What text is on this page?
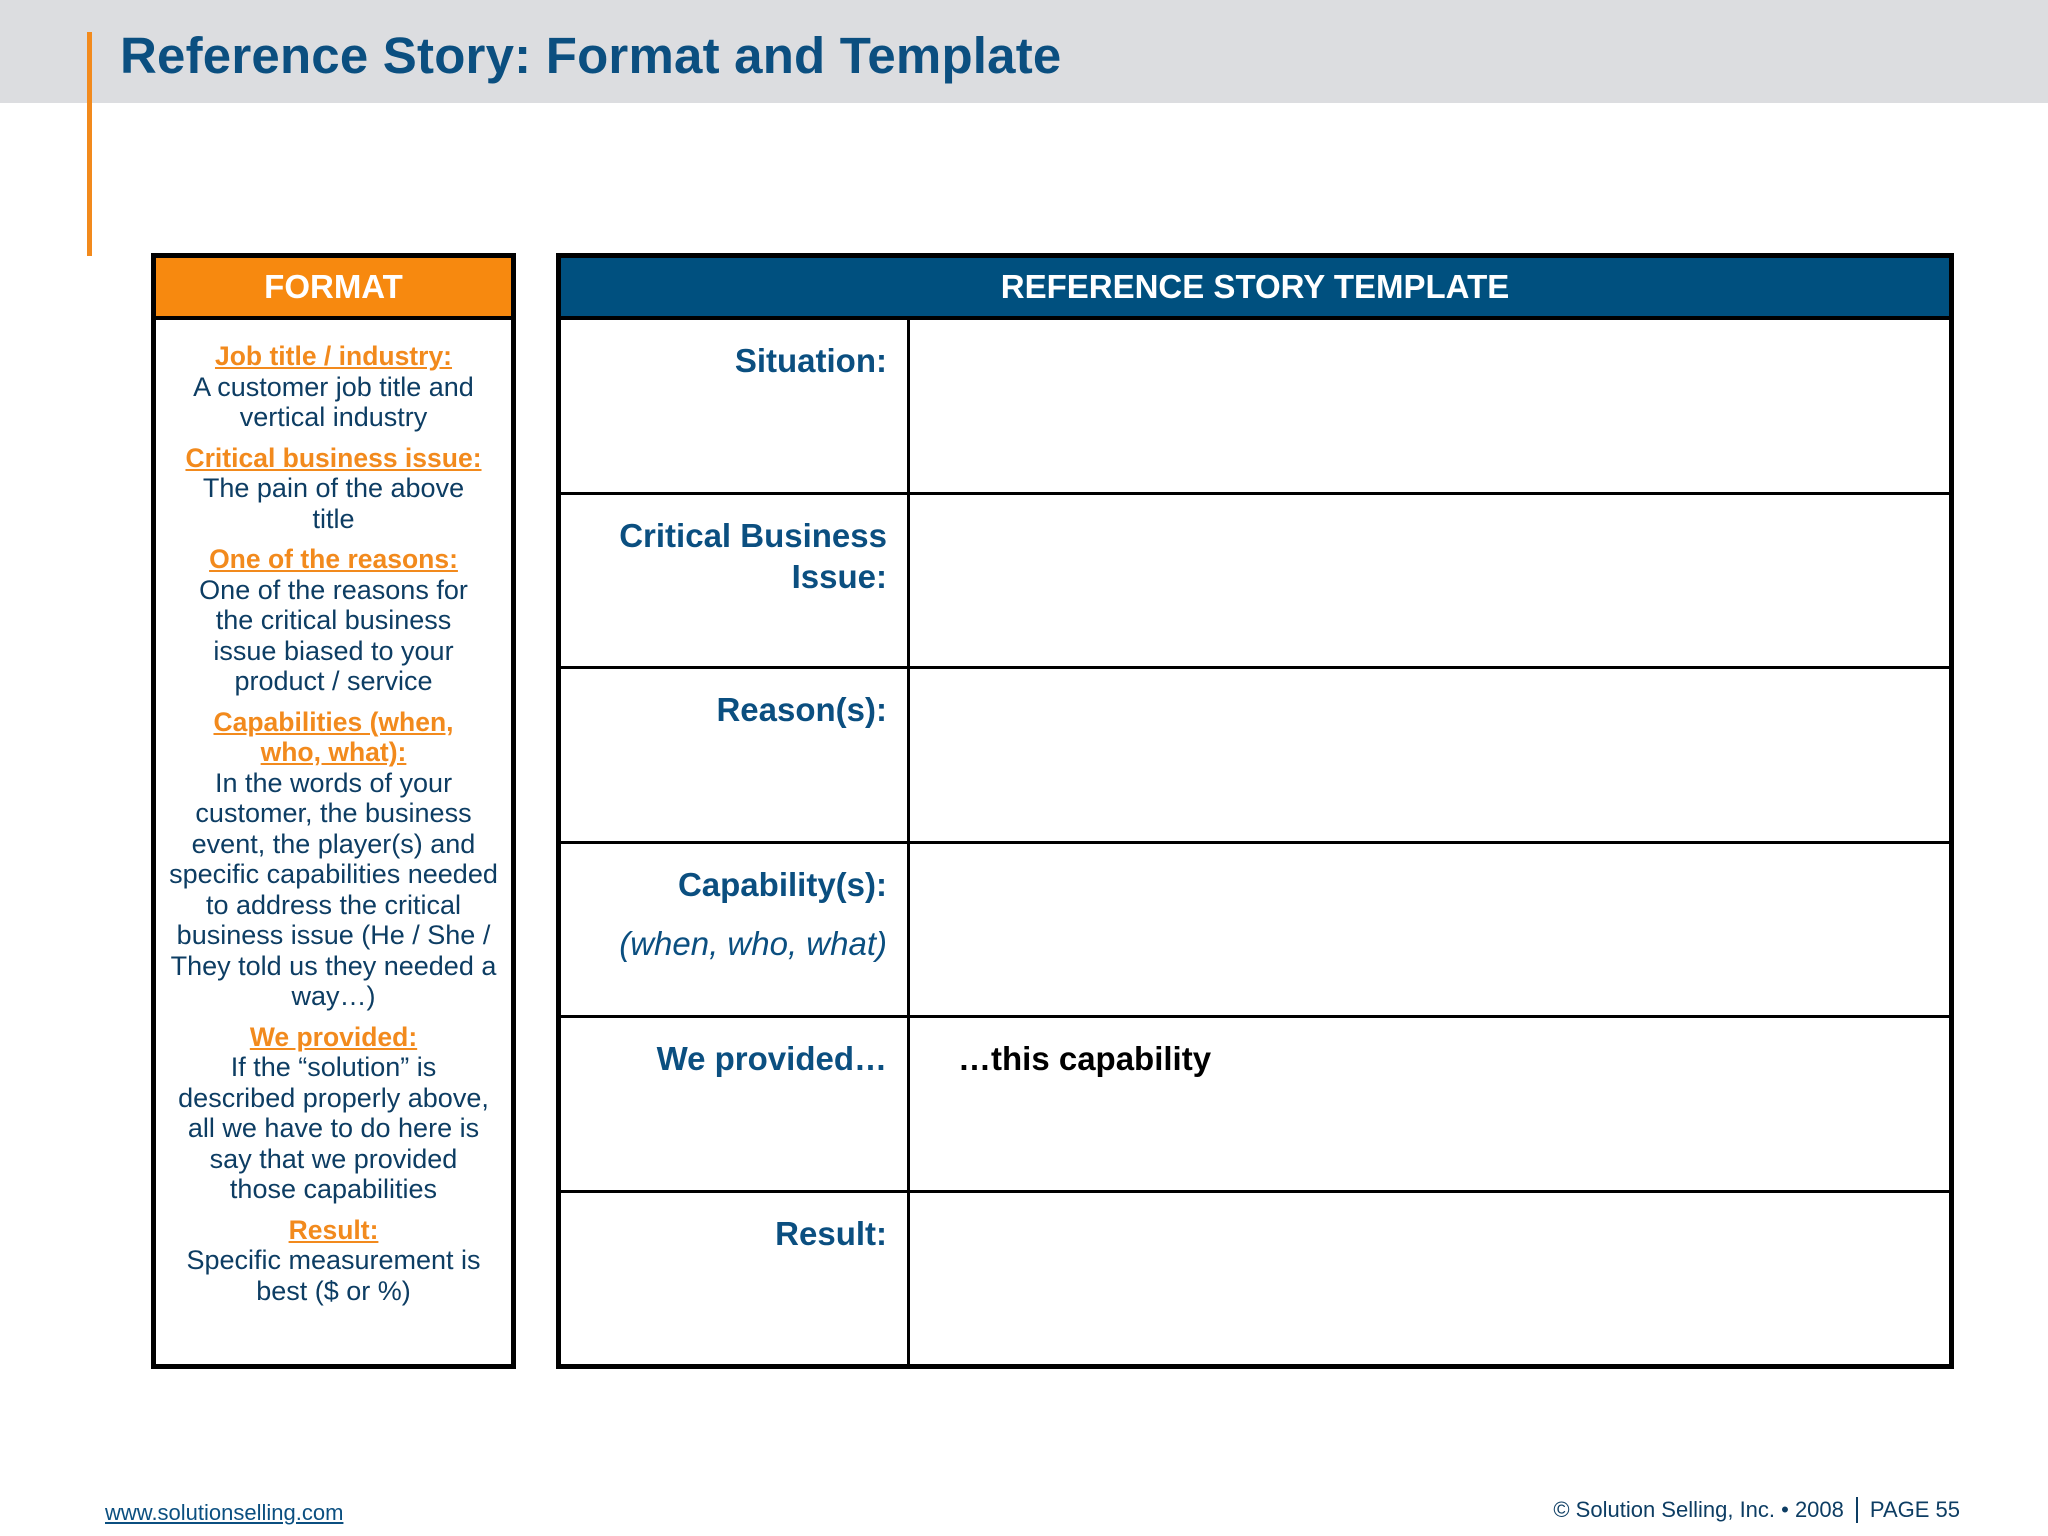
Reference Story: Format and Template
FORMAT
Job title / industry:
A customer job title and vertical industry
Critical business issue:
The pain of the above title
One of the reasons:
One of the reasons for the critical business issue biased to your product / service
Capabilities (when, who, what):
In the words of your customer, the business event, the player(s) and specific capabilities needed to address the critical business issue (He / She / They told us they needed a way…)
We provided:
If the “solution” is described properly above, all we have to do here is say that we provided those capabilities
Result:
Specific measurement is best ($ or %)
REFERENCE STORY TEMPLATE
Situation:
Critical Business Issue:
Reason(s):
Capability(s):
(when, who, what)
We provided…	…this capability
Result:
www.solutionselling.com	© Solution Selling, Inc. • 2008 PAGE 55
